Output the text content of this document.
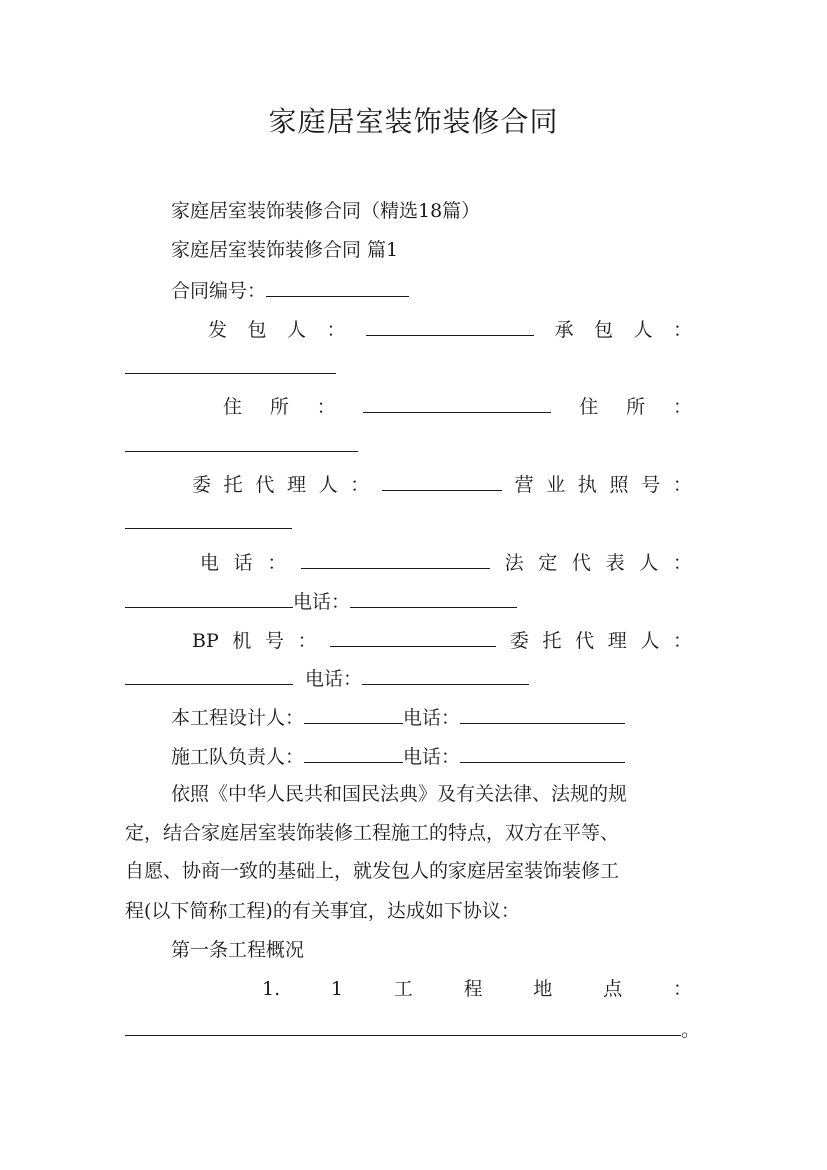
家庭居室装饰装修合同
家庭居室装饰装修合同（精选18篇）
家庭居室装饰装修合同 篇1
合同编号：
发 包 人 ：	承 包 人 ：
住 所 ：	住 所 ：
委 托 代 理 人 ：	营 业 执 照 号 ：
电 话 ：	法 定 代 表 人 ：
电话：
BP 机 号 ：	委 托 代 理 人 ：
电话：
本工程设计人：	电话：
施工队负责人：	电话：
依照《中华人民共和国民法典》及有关法律、法规的规
定，结合家庭居室装饰装修工程施工的特点，双方在平等、
自愿、协商一致的基础上，就发包人的家庭居室装饰装修工
程(以下简称工程)的有关事宜，达成如下协议：
第一条工程概况
1.	1	工	程	地	点	：
。
